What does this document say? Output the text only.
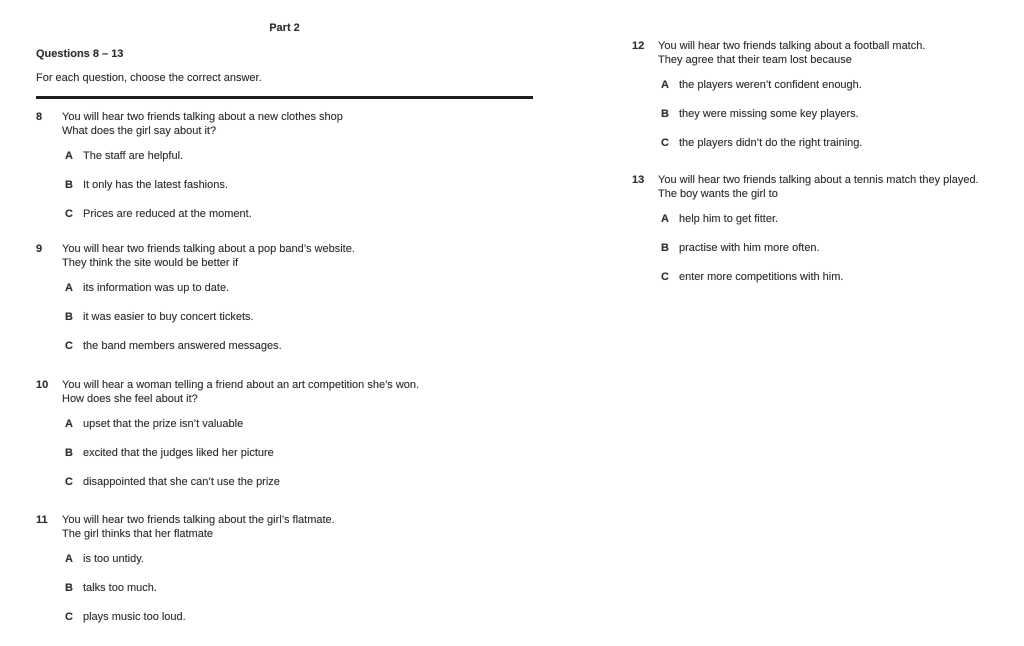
Part 2
Questions 8 – 13
For each question, choose the correct answer.
8	You will hear two friends talking about a new clothes shop
What does the girl say about it?
A The staff are helpful.
B It only has the latest fashions.
C Prices are reduced at the moment.
9	You will hear two friends talking about a pop band’s website.
They think the site would be better if
A its information was up to date.
B it was easier to buy concert tickets.
C the band members answered messages.
10	You will hear a woman telling a friend about an art competition she’s won.
How does she feel about it?
A upset that the prize isn’t valuable
B excited that the judges liked her picture
C disappointed that she can’t use the prize
11	You will hear two friends talking about the girl’s flatmate.
The girl thinks that her flatmate
A is too untidy.
B talks too much.
C plays music too loud.
12	You will hear two friends talking about a football match.
They agree that their team lost because
A the players weren’t confident enough.
B they were missing some key players.
C the players didn’t do the right training.
13	You will hear two friends talking about a tennis match they played.
The boy wants the girl to
A help him to get fitter.
B practise with him more often.
C enter more competitions with him.
